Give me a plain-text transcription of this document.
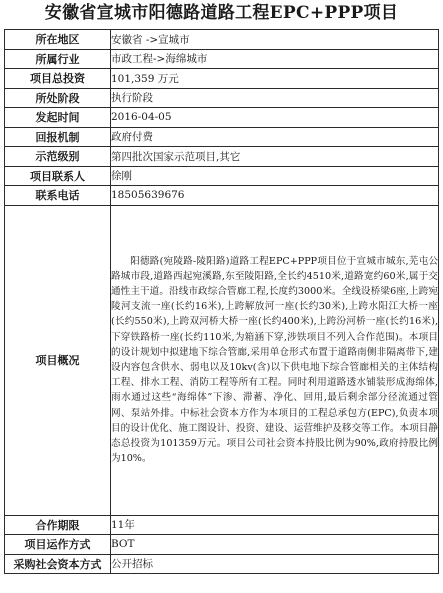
安徽省宣城市阳德路道路工程EPC+PPP项目
所在地区	安徽省 ->宣城市
所属行业	市政工程->海绵城市
项目总投资	101,359 万元
所处阶段	执行阶段
发起时间	2016-04-05
回报机制	政府付费
示范级别	第四批次国家示范项目,其它
项目联系人	徐刚
联系电话	18505639676
项目概况	阳德路(宛陵路-陵阳路)道路工程EPC+PPP项目位于宣城市城东,芜屯公路城市段,道路西起宛溪路,东至陵阳路,全长约4510米,道路宽约60米,属于交通性主干道。沿线市政综合管廊工程,长度约3000米。全线设桥梁6座,上跨宛陵河支流一座(长约16米),上跨解放河一座(长约30米),上跨水阳江大桥一座(长约550米),上跨双河桥大桥一座(长约400米),上跨汾河桥一座(长约16米),下穿铁路桥一座(长约110米,为箱涵下穿,涉铁项目不列入合作范围)。本项目的设计规划中拟建地下综合管廊,采用单仓形式布置于道路南侧非隔离带下,建设内容包含供水、弱电以及10kv(含)以下供电地下综合管廊相关的主体结构工程、排水工程、消防工程等所有工程。同时利用道路透水铺装形成海绵体,雨水通过这些“海绵体”下渗、滞蓄、净化、回用,最后剩余部分径流通过管网、泵站外排。中标社会资本方作为本项目的工程总承包方(EPC),负责本项目的设计优化、施工图设计、投资、建设、运营维护及移交等工作。本项目静态总投资为101359万元。项目公司社会资本持股比例为90%,政府持股比例为10%。

合作期限	11年
项目运作方式	BOT
采购社会资本方式	公开招标
